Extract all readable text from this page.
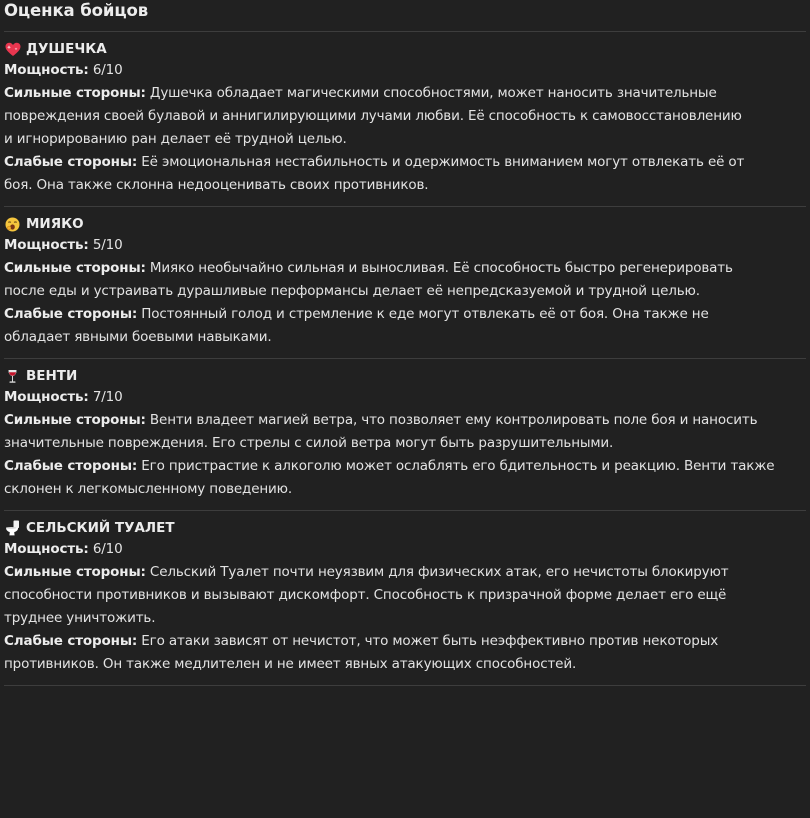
Оценка бойцов
ДУШЕЧКА

Мощность: 6/10

Сильные стороны: Душечка обладает магическими способностями, может наносить значительные

повреждения своей булавой и аннигилирующими лучами любви. Её способность к самовосстановлению

и игнорированию ран делает её трудной целью.

Слабые стороны: Её эмоциональная нестабильность и одержимость вниманием могут отвлекать её от

боя. Она также склонна недооценивать своих противников.

МИЯКО

Мощность: 5/10

Сильные стороны: Мияко необычайно сильная и выносливая. Её способность быстро регенерировать

после еды и устраивать дурашливые перформансы делает её непредсказуемой и трудной целью.

Слабые стороны: Постоянный голод и стремление к еде могут отвлекать её от боя. Она также не

обладает явными боевыми навыками.

ВЕНТИ

Мощность: 7/10

Сильные стороны: Венти владеет магией ветра, что позволяет ему контролировать поле боя и наносить

значительные повреждения. Его стрелы с силой ветра могут быть разрушительными.

Слабые стороны: Его пристрастие к алкоголю может ослаблять его бдительность и реакцию. Венти также

склонен к легкомысленному поведению.

СЕЛЬСКИЙ ТУАЛЕТ

Мощность: 6/10

Сильные стороны: Сельский Туалет почти неуязвим для физических атак, его нечистоты блокируют

способности противников и вызывают дискомфорт. Способность к призрачной форме делает его ещё

труднее уничтожить.

Слабые стороны: Его атаки зависят от нечистот, что может быть неэффективно против некоторых

противников. Он также медлителен и не имеет явных атакующих способностей.
